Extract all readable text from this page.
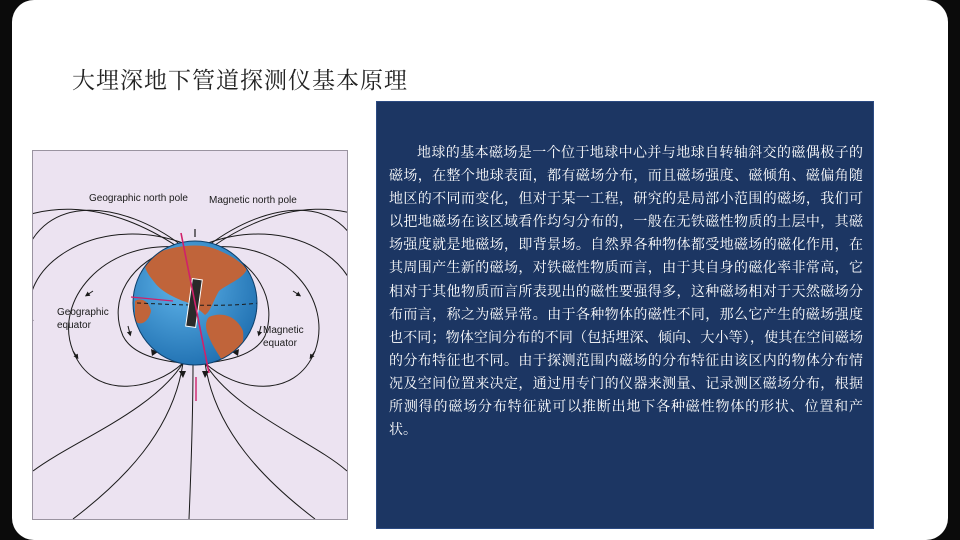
大埋深地下管道探测仪基本原理
Geographic north pole Magnetic north pole
Geographic
equator	Magnetic
equator

地球的基本磁场是一个位于地球中心并与地球自转轴斜交的磁偶极子的磁场，在整个地球表面，都有磁场分布，而且磁场强度、磁倾角、磁偏角随地区的不同而变化，但对于某一工程，研究的是局部小范围的磁场，我们可以把地磁场在该区域看作均匀分布的，一般在无铁磁性物质的土层中，其磁场强度就是地磁场，即背景场。自然界各种物体都受地磁场的磁化作用，在其周围产生新的磁场，对铁磁性物质而言，由于其自身的磁化率非常高，它相对于其他物质而言所表现出的磁性要强得多，这种磁场相对于天然磁场分布而言，称之为磁异常。由于各种物体的磁性不同，那么它产生的磁场强度也不同；物体空间分布的不同（包括埋深、倾向、大小等），使其在空间磁场的分布特征也不同。由于探测范围内磁场的分布特征由该区内的物体分布情况及空间位置来决定，通过用专门的仪器来测量、记录测区磁场分布，根据所测得的磁场分布特征就可以推断出地下各种磁性物体的形状、位置和产状。
